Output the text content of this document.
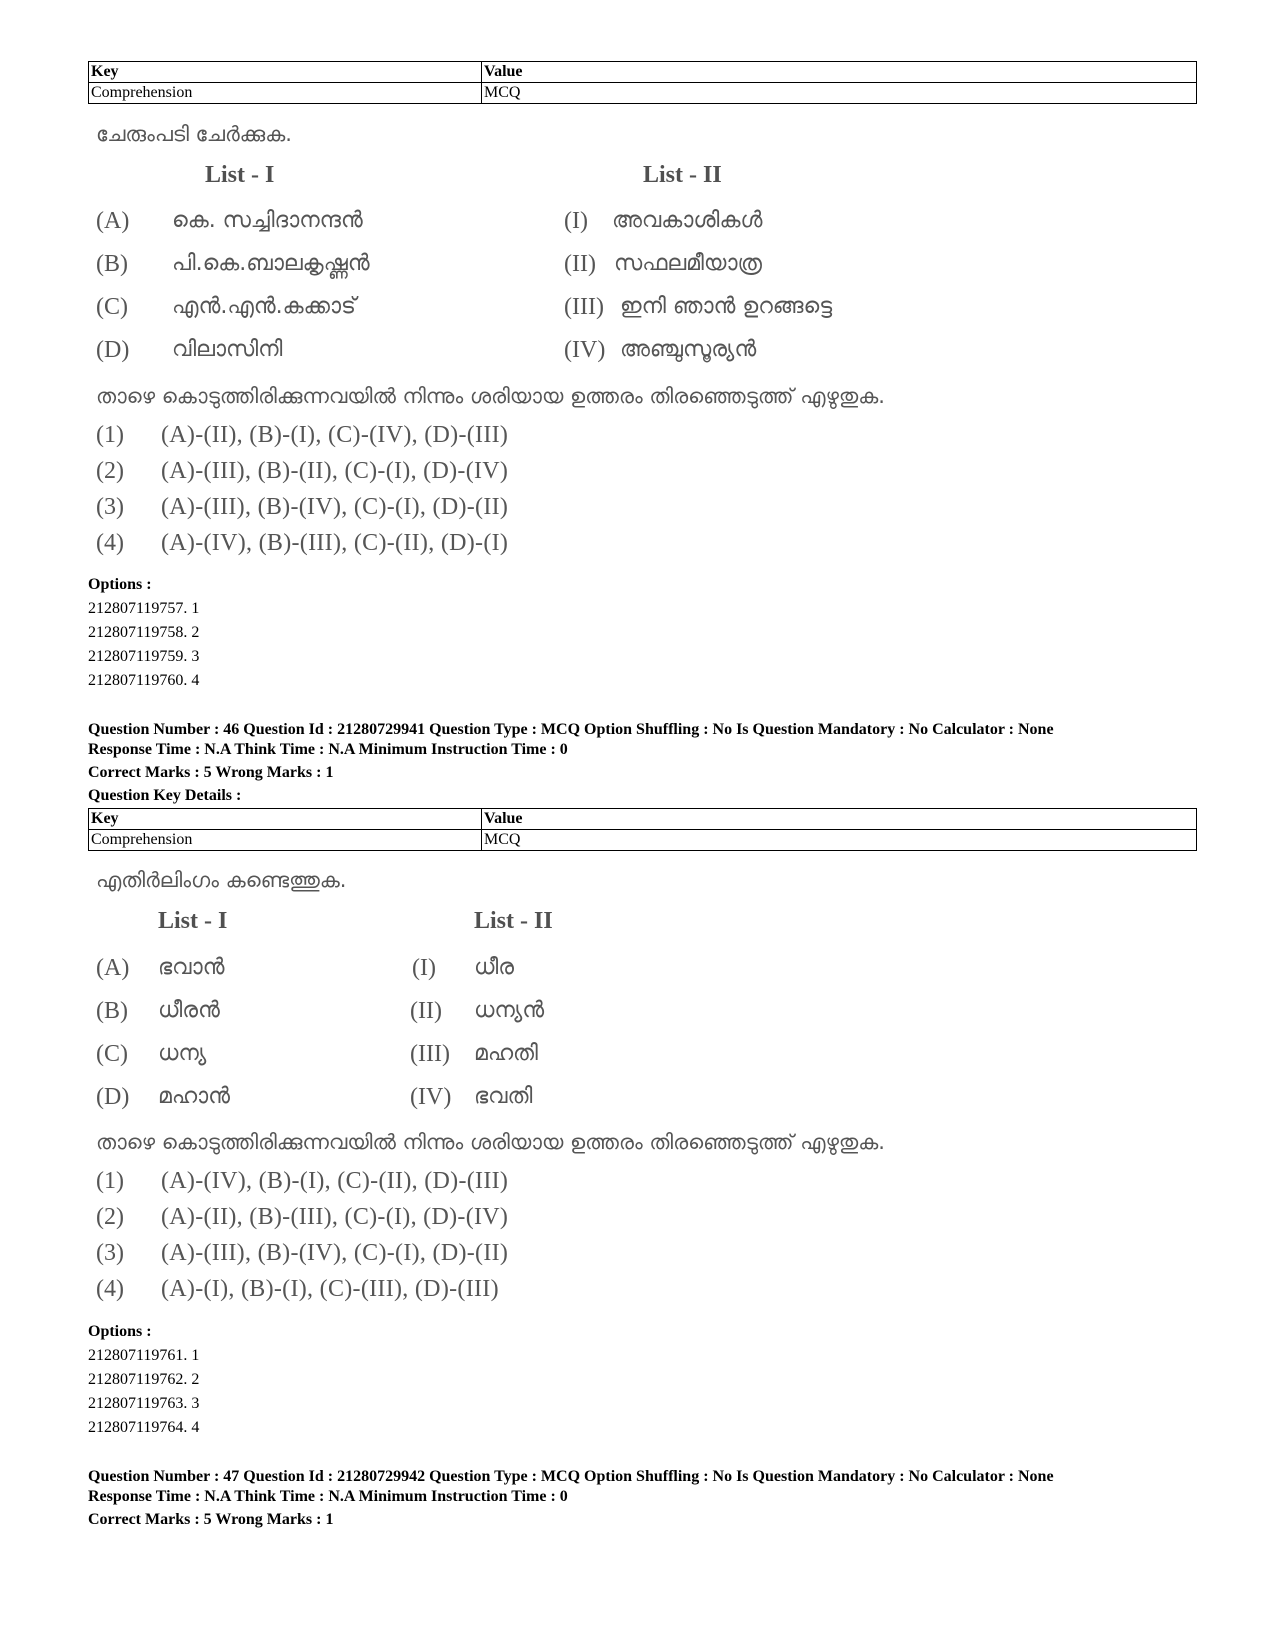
Key	Value
Comprehension	MCQ
ചേരുംപടി ചേർക്കുക.
List - I	List - II
(A) കെ. സച്ചിദാനന്ദൻ	(I) അവകാശികൾ
(B) പി.കെ.ബാലകൃഷ്ണൻ	(II) സഫലമീയാത്ര
(C) എൻ.എൻ.കക്കാട്	(III) ഇനി ഞാൻ ഉറങ്ങട്ടെ
(D) വിലാസിനി	(IV) അഞ്ചുസൂര്യൻ
താഴെ കൊടുത്തിരിക്കുന്നവയിൽ നിന്നും ശരിയായ ഉത്തരം തിരഞ്ഞെടുത്ത് എഴുതുക.
(1) (A)-(II), (B)-(I), (C)-(IV), (D)-(III)
(2) (A)-(III), (B)-(II), (C)-(I), (D)-(IV)
(3) (A)-(III), (B)-(IV), (C)-(I), (D)-(II)
(4) (A)-(IV), (B)-(III), (C)-(II), (D)-(I)
Options :
212807119757. 1
212807119758. 2
212807119759. 3
212807119760. 4
Question Number : 46 Question Id : 21280729941 Question Type : MCQ Option Shuffling : No Is Question Mandatory : No Calculator : None
Response Time : N.A Think Time : N.A Minimum Instruction Time : 0
Correct Marks : 5 Wrong Marks : 1
Question Key Details :
Key	Value
Comprehension	MCQ
എതിർലിംഗം കണ്ടെത്തുക.
List - I	List - II
(A) ഭവാൻ	(I) ധീര
(B) ധീരൻ	(II) ധന്യൻ
(C) ധന്യ	(III) മഹതി
(D) മഹാൻ	(IV) ഭവതി
താഴെ കൊടുത്തിരിക്കുന്നവയിൽ നിന്നും ശരിയായ ഉത്തരം തിരഞ്ഞെടുത്ത് എഴുതുക.
(1) (A)-(IV), (B)-(I), (C)-(II), (D)-(III)
(2) (A)-(II), (B)-(III), (C)-(I), (D)-(IV)
(3) (A)-(III), (B)-(IV), (C)-(I), (D)-(II)
(4) (A)-(I), (B)-(I), (C)-(III), (D)-(III)
Options :
212807119761. 1
212807119762. 2
212807119763. 3
212807119764. 4
Question Number : 47 Question Id : 21280729942 Question Type : MCQ Option Shuffling : No Is Question Mandatory : No Calculator : None
Response Time : N.A Think Time : N.A Minimum Instruction Time : 0
Correct Marks : 5 Wrong Marks : 1
